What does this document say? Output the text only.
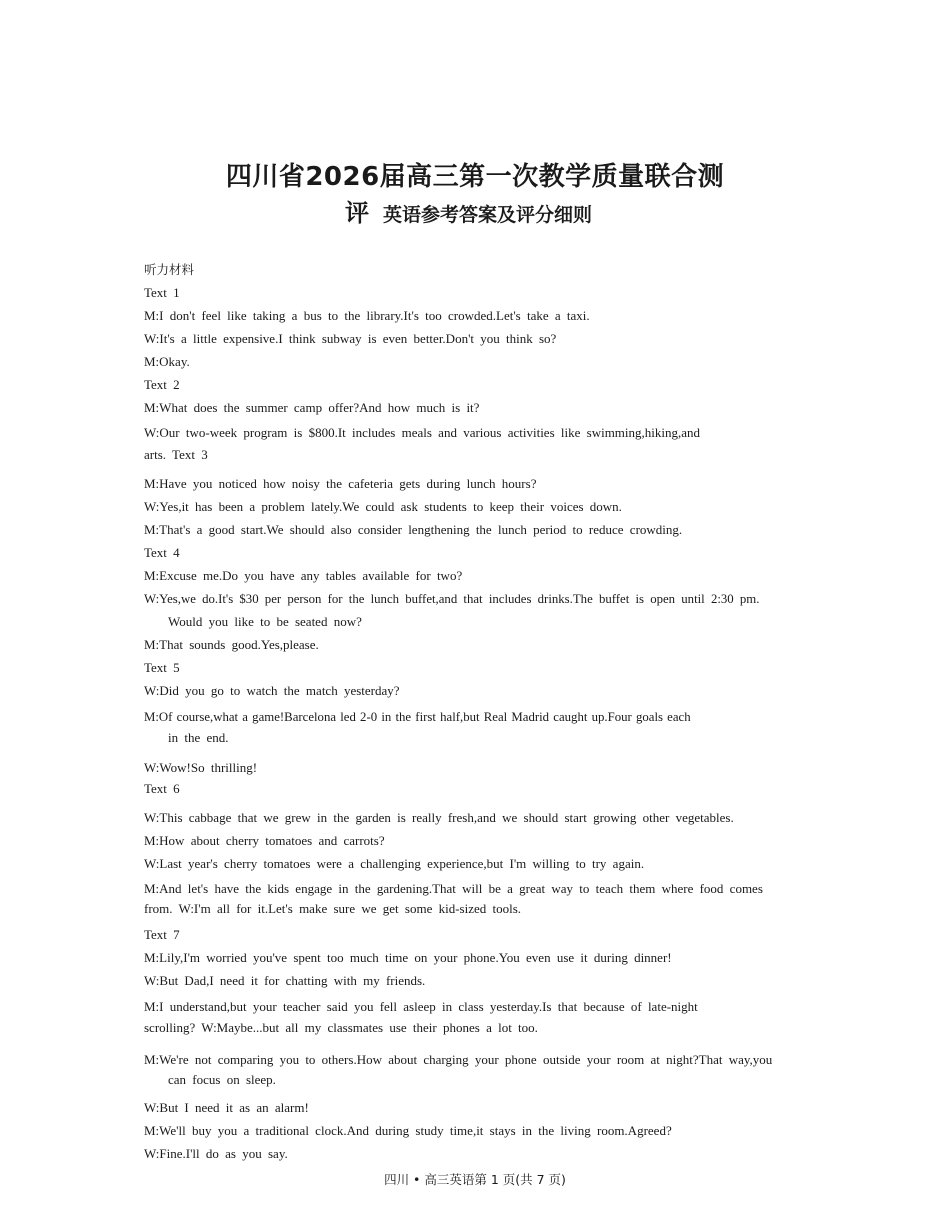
四川省2026届高三第一次教学质量联合测
评 英语参考答案及评分细则
听力材料
Text 1
M:I don't feel like taking a bus to the library.It's too crowded.Let's take a taxi.
W:It's a little expensive.I think subway is even better.Don't you think so?
M:Okay.
Text 2
M:What does the summer camp offer?And how much is it?
W:Our two-week program is $800.It includes meals and various activities like swimming,hiking,and
arts. Text 3
M:Have you noticed how noisy the cafeteria gets during lunch hours?
W:Yes,it has been a problem lately.We could ask students to keep their voices down.
M:That's a good start.We should also consider lengthening the lunch period to reduce crowding.
Text 4
M:Excuse me.Do you have any tables available for two?
W:Yes,we do.It's $30 per person for the lunch buffet,and that includes drinks.The buffet is open until 2:30 pm.
Would you like to be seated now?
M:That sounds good.Yes,please.
Text 5
W:Did you go to watch the match yesterday?
M:Of course,what a game!Barcelona led 2-0 in the first half,but Real Madrid caught up.Four goals each
in the end.
W:Wow!So thrilling!
Text 6
W:This cabbage that we grew in the garden is really fresh,and we should start growing other vegetables.
M:How about cherry tomatoes and carrots?
W:Last year's cherry tomatoes were a challenging experience,but I'm willing to try again.
M:And let's have the kids engage in the gardening.That will be a great way to teach them where food comes
from. W:I'm all for it.Let's make sure we get some kid-sized tools.
Text 7
M:Lily,I'm worried you've spent too much time on your phone.You even use it during dinner!
W:But Dad,I need it for chatting with my friends.
M:I understand,but your teacher said you fell asleep in class yesterday.Is that because of late-night
scrolling? W:Maybe...but all my classmates use their phones a lot too.
M:We're not comparing you to others.How about charging your phone outside your room at night?That way,you
can focus on sleep.
W:But I need it as an alarm!
M:We'll buy you a traditional clock.And during study time,it stays in the living room.Agreed?
W:Fine.I'll do as you say.
四川 • 高三英语第 1 页(共 7 页)
